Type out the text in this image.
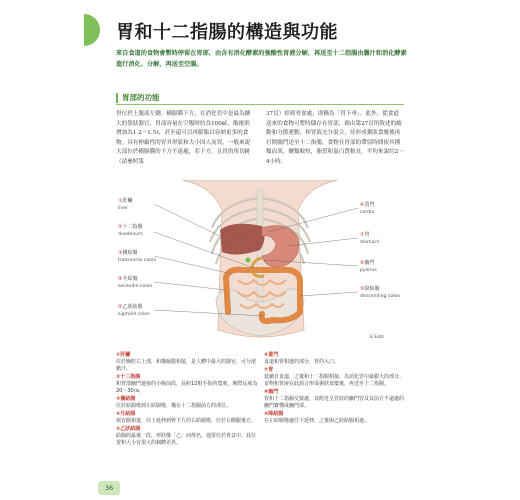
胃和十二指腸的構造與功能
來自食道的食物會暫時停留在胃部，由含有消化酵素的強酸性胃液分解，再送至十二指腸由膽汁和消化酵素進行消化、分解，再送至空腸。
胃部的功能
胃位於上腹部左側、橫膈膜下方，在消化管中是最為擴大的袋狀器官，胃部容量在空腹時約為100㎖，飯後則增加為1.2～1.5ℓ，甚至還可以再膨脹以容納更多的食物。具有伸縮性的胃其形狀和大小因人而異，一般來說大部位於橫膈膜的下方不遠處，若下方、且胃的角切跡（請參照第
37頁）掉到骨盆處，即稱為「胃下垂」。此外，從食道送來的食物可暫時儲存在胃部，藉由第27頁所敘述的蠕動和分節運動，和胃液充分混合，待形成粥狀食糜後再打開幽門送至十二指腸。食物在胃部的滯留時間依其種類而異，醣類較短，脂質和蛋白質較長，平均來說約2～4小時。
①肝臟
liver
②十二指腸
duodenum
③橫結腸
transverse colon
④升結腸
ascendin colon
⑤乙狀結腸
sigmoid colon
⑥賁門
cardia
⑦胃
stomach
⑧幽門
pylorus
⑨降結腸
descending colon
S.Sato
①肝臟
位於胸腔右上部，和橫膈膜相接，是人體中最大的器官，可分泌膽汁。
②十二指腸
和胃部幽門連接的小腸前段，長約12根手指的寬度，實際長度為20～30㎝。
③橫結腸
位於結腸彎到左結腸彎，橫在十二指腸前方的部位。
④升結腸
與盲腸相連，往上延伸到腎下方的右結腸彎，位於右側腹後方。
⑤乙狀結腸
結腸的最後一段，形狀像「乙」而得名，通常位於骨盆中，其位置和大小有很大的個體差異。
⑥賁門
食道和胃相連的部分，胃的入口。
⑦胃
延續自食道，之後和十二指腸相接，為消化管中最膨大的部分。食物和胃液在此混合形成粥狀食糜後，再送至十二指腸。
⑧幽門
胃和十二指腸交接處，其附近呈管狀的幽門管及其前方不遠處的幽門寶構成幽門部。
⑨降結腸
在左結腸彎處往下延伸，之後與乙狀結腸相連。
36
